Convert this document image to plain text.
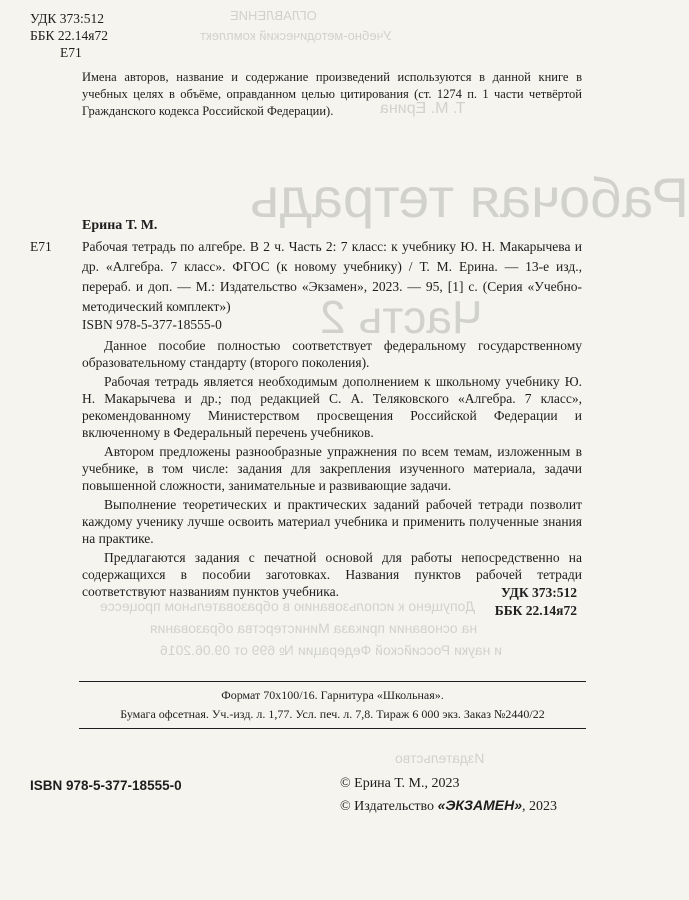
ОГЛАВЛЕНИЕ
Учебно-методический комплект
Т. М. Ерина
Рабочая тетрадь
Часть 2
Допущено к использованию в образовательном процессе
на основании приказа Министерства образования
и науки Российской Федерации № 699 от 09.06.2016
Издательство
УДК 373:512
ББК 22.14я72
Е71
Имена авторов, название и содержание произведений используются в данной книге в учебных целях в объёме, оправданном целью цитирования (ст. 1274 п. 1 части четвёртой Гражданского кодекса Российской Федерации).
Ерина Т. М.
Е71 Рабочая тетрадь по алгебре. В 2 ч. Часть 2: 7 класс: к учебнику Ю. Н. Макарычева и др. «Алгебра. 7 класс». ФГОС (к новому учебнику) / Т. М. Ерина. — 13-е изд., перераб. и доп. — М.: Издательство «Экзамен», 2023. — 95, [1] с. (Серия «Учебно-методический комплект»)
ISBN 978-5-377-18555-0

Данное пособие полностью соответствует федеральному государственному образовательному стандарту (второго поколения).

Рабочая тетрадь является необходимым дополнением к школьному учебнику Ю. Н. Макарычева и др.; под редакцией С. А. Теляковского «Алгебра. 7 класс», рекомендованному Министерством просвещения Российской Федерации и включенному в Федеральный перечень учебников.

Автором предложены разнообразные упражнения по всем темам, изложенным в учебнике, в том числе: задания для закрепления изученного материала, задачи повышенной сложности, занимательные и развивающие задачи.

Выполнение теоретических и практических заданий рабочей тетради позволит каждому ученику лучше освоить материал учебника и применить полученные знания на практике.

Предлагаются задания с печатной основой для работы непосредственно на содержащихся в пособии заготовках. Названия пунктов рабочей тетради соответствуют названиям пунктов учебника.	УДК 373:512
ББК 22.14я72
Формат 70х100/16. Гарнитура «Школьная».
Бумага офсетная. Уч.-изд. л. 1,77. Усл. печ. л. 7,8. Тираж 6 000 экз. Заказ №2440/22
ISBN 978-5-377-18555-0	© Ерина Т. М., 2023
© Издательство «ЭКЗАМЕН», 2023
